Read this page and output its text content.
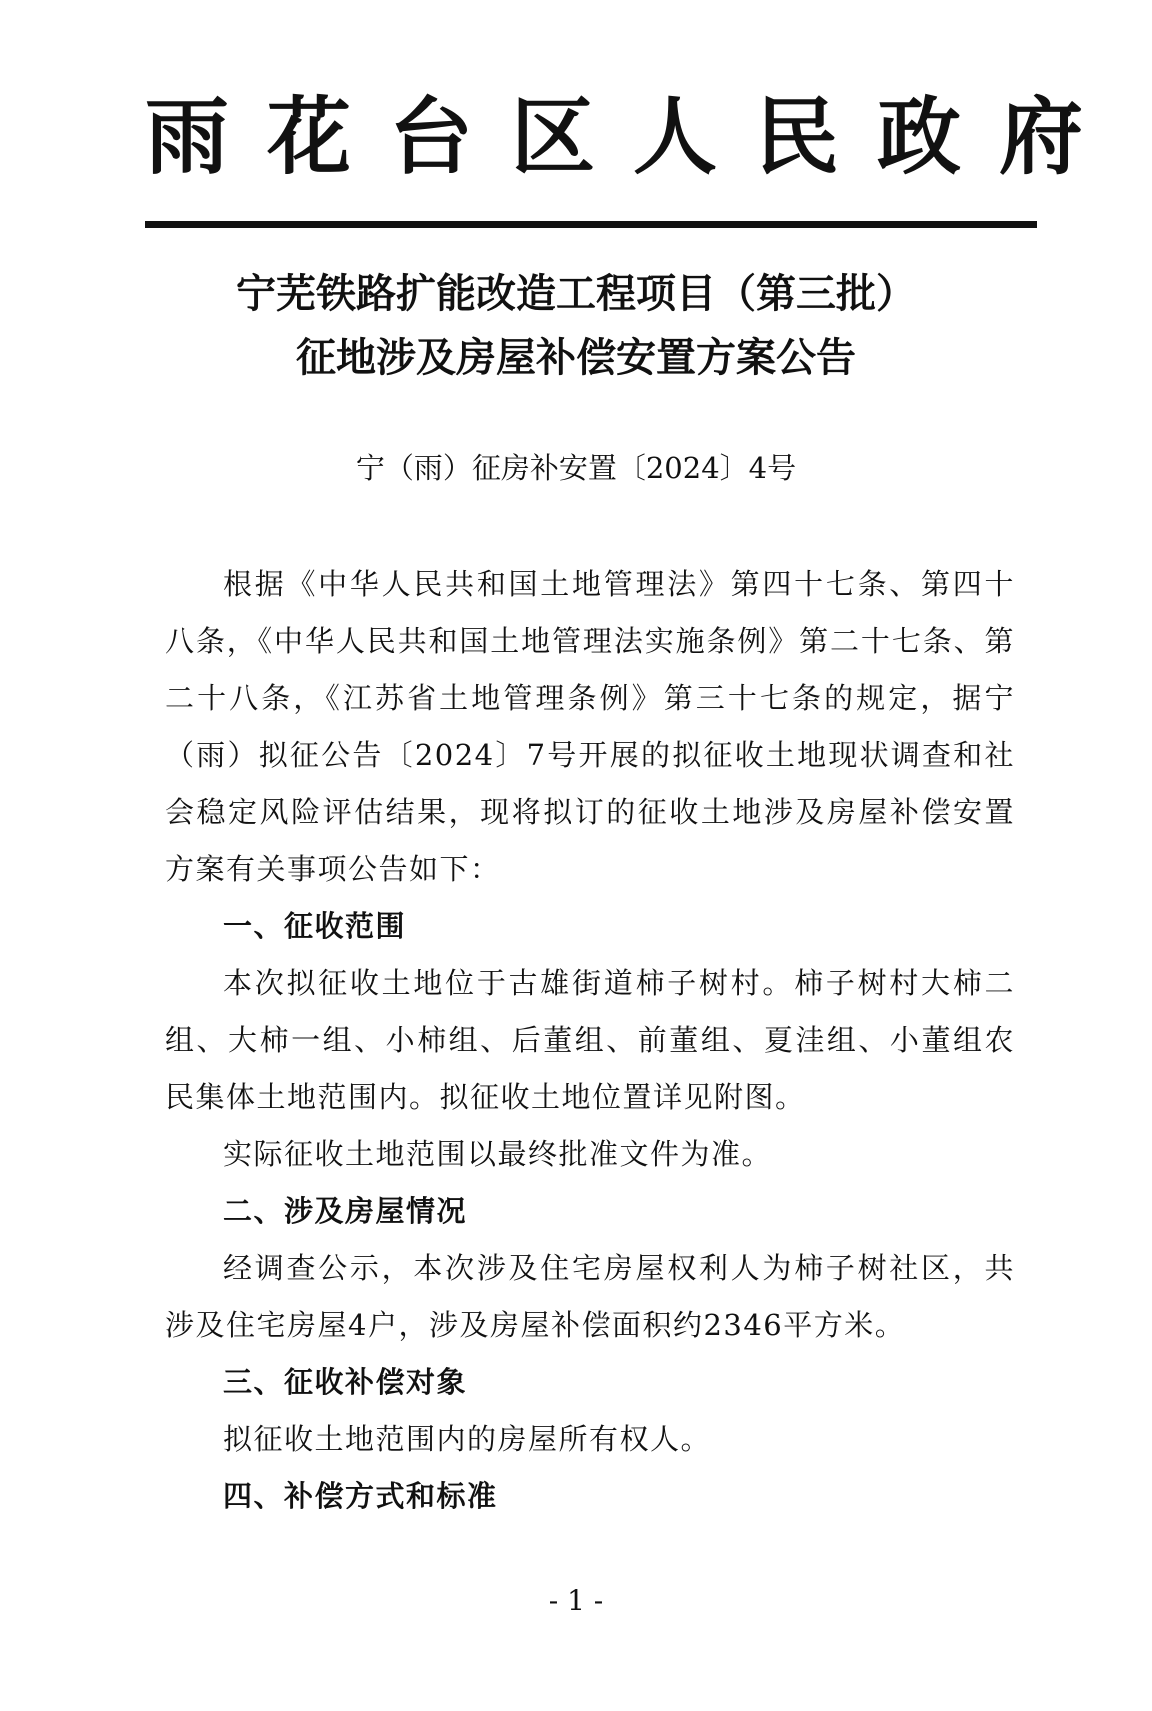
雨花台区人民政府
宁芜铁路扩能改造工程项目（第三批）
征地涉及房屋补偿安置方案公告
宁（雨）征房补安置〔2024〕4号

根据《中华人民共和国土地管理法》第四十七条、第四十八条，《中华人民共和国土地管理法实施条例》第二十七条、第二十八条，《江苏省土地管理条例》第三十七条的规定，据宁（雨）拟征公告〔2024〕7号开展的拟征收土地现状调查和社会稳定风险评估结果，现将拟订的征收土地涉及房屋补偿安置方案有关事项公告如下：

一、征收范围

本次拟征收土地位于古雄街道柿子树村。柿子树村大柿二组、大柿一组、小柿组、后董组、前董组、夏洼组、小董组农民集体土地范围内。拟征收土地位置详见附图。

实际征收土地范围以最终批准文件为准。

二、涉及房屋情况

经调查公示，本次涉及住宅房屋权利人为柿子树社区，共涉及住宅房屋4户，涉及房屋补偿面积约2346平方米。

三、征收补偿对象

拟征收土地范围内的房屋所有权人。

四、补偿方式和标准

- 1 -
